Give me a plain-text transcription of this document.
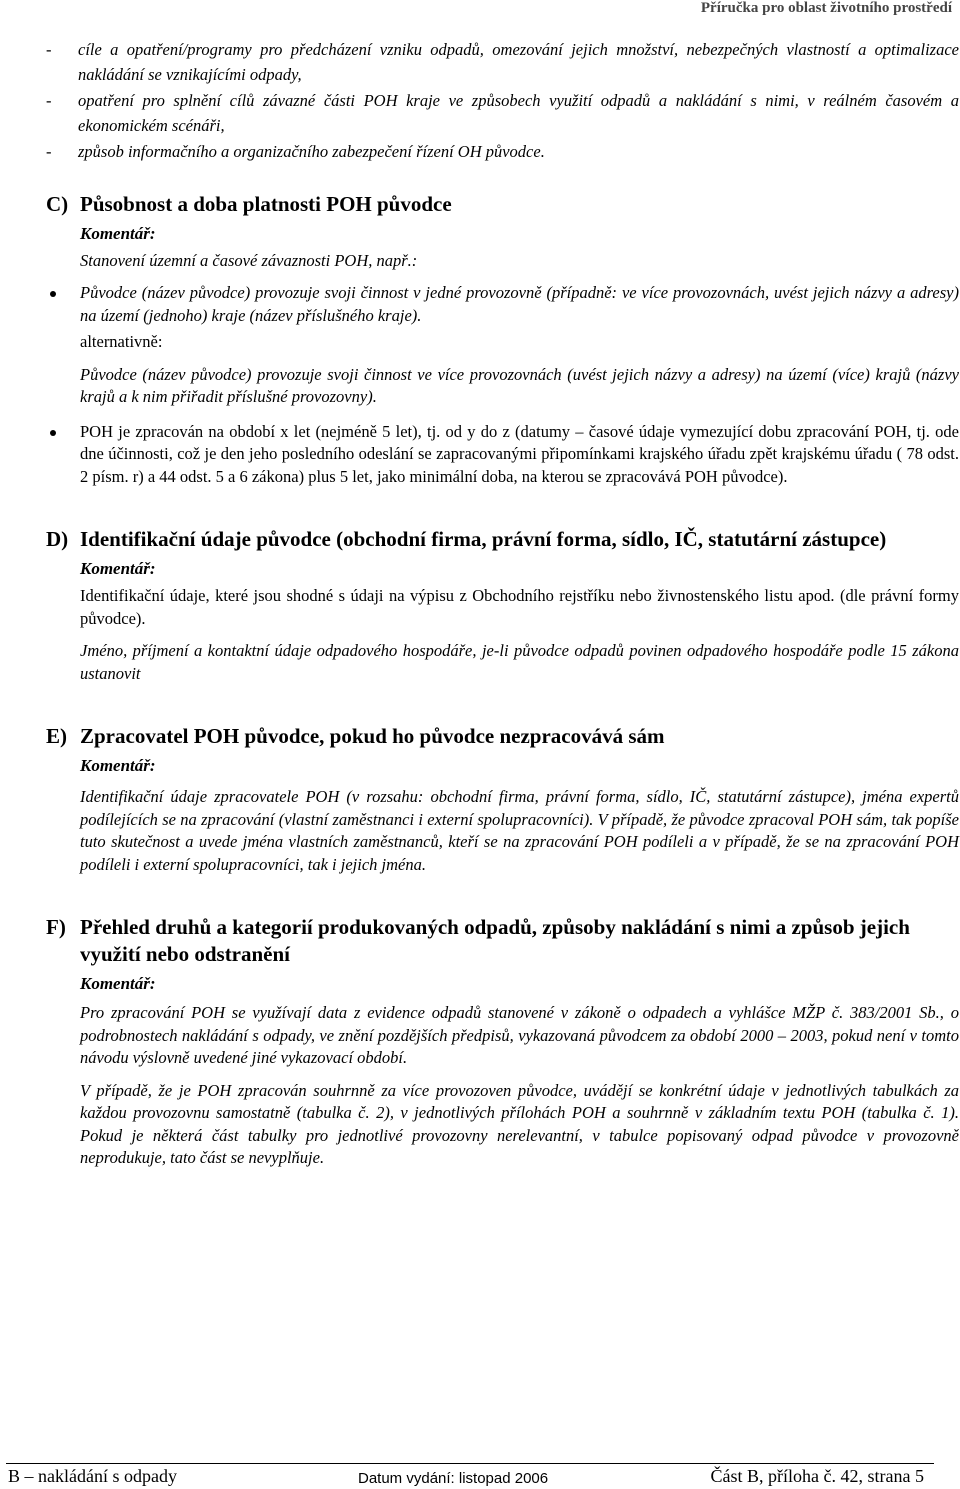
Příručka pro oblast životního prostředí
- cíle a opatření/programy pro předcházení vzniku odpadů, omezování jejich množství, nebezpečných vlastností a optimalizace nakládání se vznikajícími odpady,
- opatření pro splnění cílů závazné části POH kraje ve způsobech využití odpadů a nakládání s nimi, v reálném časovém a ekonomickém scénáři,
- způsob informačního a organizačního zabezpečení řízení OH původce.
C) Působnost a doba platnosti POH původce
Komentář:

Stanovení územní a časové závaznosti POH, např.:

Původce (název původce) provozuje svoji činnost v jedné provozovně (případně: ve více provozovnách, uvést jejich názvy a adresy) na území (jednoho) kraje (název příslušného kraje).

alternativně:

Původce (název původce) provozuje svoji činnost ve více provozovnách (uvést jejich názvy a adresy) na území (více) krajů (názvy krajů a k nim přiřadit příslušné provozovny).

POH je zpracován na období x let (nejméně 5 let), tj. od y do z (datumy – časové údaje vymezující dobu zpracování POH, tj. ode dne účinnosti, což je den jeho posledního odeslání se zapracovanými připomínkami krajského úřadu zpět krajskému úřadu ( 78 odst. 2 písm. r) a 44 odst. 5 a 6 zákona) plus 5 let, jako minimální doba, na kterou se zpracovává POH původce).

D) Identifikační údaje původce (obchodní firma, právní forma, sídlo, IČ, statutární zástupce)
Komentář:

Identifikační údaje, které jsou shodné s údaji na výpisu z Obchodního rejstříku nebo živnostenského listu apod. (dle právní formy původce).

Jméno, příjmení a kontaktní údaje odpadového hospodáře, je-li původce odpadů povinen odpadového hospodáře podle 15 zákona ustanovit

E) Zpracovatel POH původce, pokud ho původce nezpracovává sám
Komentář:

Identifikační údaje zpracovatele POH (v rozsahu: obchodní firma, právní forma, sídlo, IČ, statutární zástupce), jména expertů podílejících se na zpracování (vlastní zaměstnanci i externí spolupracovníci). V případě, že původce zpracoval POH sám, tak popíše tuto skutečnost a uvede jména vlastních zaměstnanců, kteří se na zpracování POH podíleli a v případě, že se na zpracování POH podíleli i externí spolupracovníci, tak i jejich jména.

F) Přehled druhů a kategorií produkovaných odpadů, způsoby nakládání s nimi a způsob jejich využití nebo odstranění
Komentář:

Pro zpracování POH se využívají data z evidence odpadů stanovené v zákoně o odpadech a vyhlášce MŽP č. 383/2001 Sb., o podrobnostech nakládání s odpady, ve znění pozdějších předpisů, vykazovaná původcem za období 2000 – 2003, pokud není v tomto návodu výslovně uvedené jiné vykazovací období.

V případě, že je POH zpracován souhrnně za více provozoven původce, uvádějí se konkrétní údaje v jednotlivých tabulkách za každou provozovnu samostatně (tabulka č. 2), v jednotlivých přílohách POH a souhrnně v základním textu POH (tabulka č. 1). Pokud je některá část tabulky pro jednotlivé provozovny nerelevantní, v tabulce popisovaný odpad původce v provozovně neprodukuje, tato část se nevyplňuje.

B – nakládání s odpady	Datum vydání: listopad 2006	Část B, příloha č. 42, strana 5
